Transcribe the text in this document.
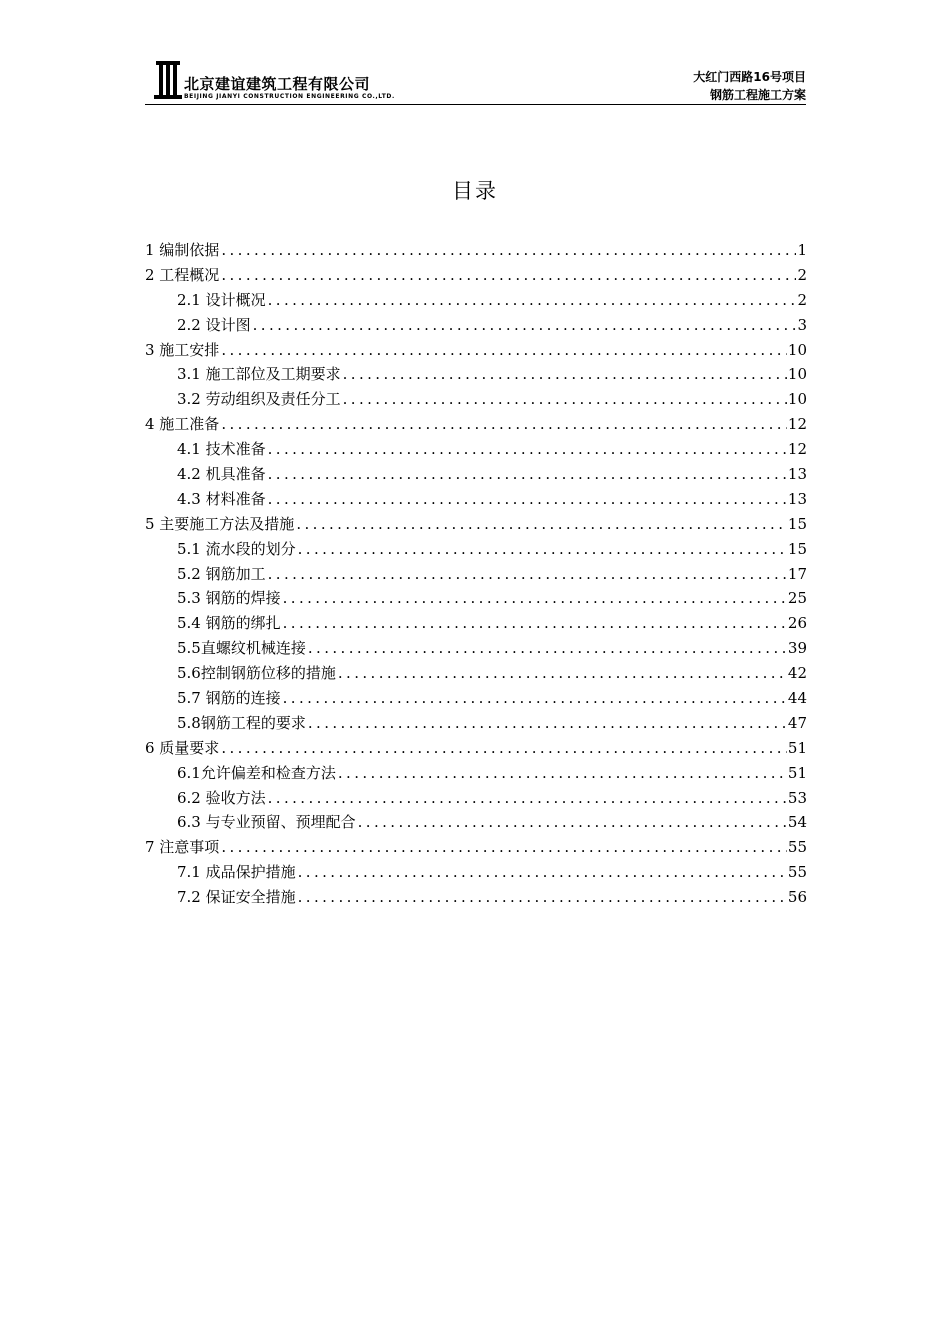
北京建谊建筑工程有限公司
BEIJING JIANYI CONSTRUCTION ENGINEERING CO.,LTD.
大红门西路16号项目
钢筋工程施工方案
目录
1 编制依据 .....	1
2 工程概况 .....	2
2.1 设计概况 .....	2
2.2 设计图 .....	3
3 施工安排 .....	10
3.1 施工部位及工期要求 .....	10
3.2 劳动组织及责任分工 .....	10
4 施工准备 .....	12
4.1 技术准备 .....	12
4.2 机具准备 .....	13
4.3 材料准备 .....	13
5 主要施工方法及措施 .....	15
5.1 流水段的划分 .....	15
5.2 钢筋加工 .....	17
5.3 钢筋的焊接 .....	25
5.4 钢筋的绑扎 .....	26
5.5直螺纹机械连接 .....	39
5.6控制钢筋位移的措施 .....	42
5.7 钢筋的连接 .....	44
5.8钢筋工程的要求 .....	47
6 质量要求 .....	51
6.1允许偏差和检查方法 .....	51
6.2 验收方法 .....	53
6.3 与专业预留、预埋配合 .....	54
7 注意事项 .....	55
7.1 成品保护措施 .....	55
7.2 保证安全措施 .....	56
